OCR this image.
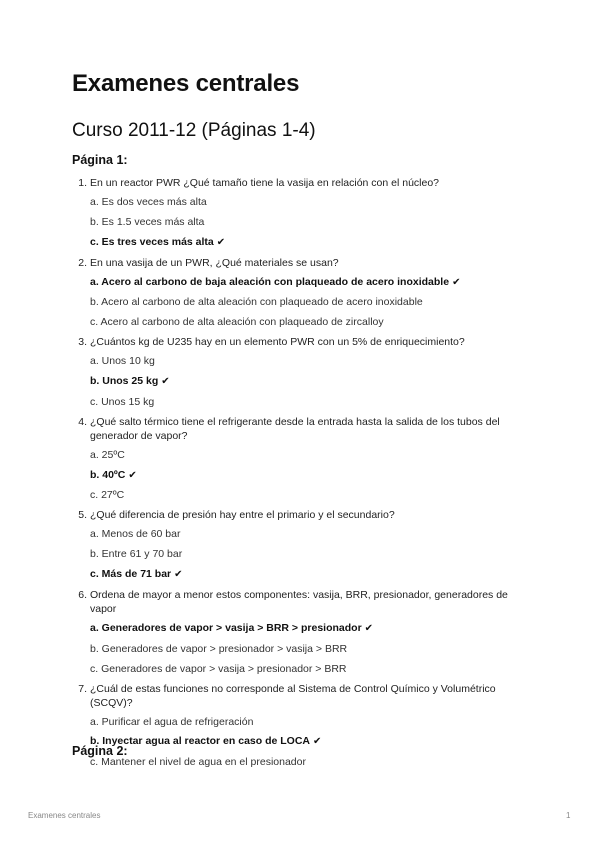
Examenes centrales
Curso 2011-12 (Páginas 1-4)
Página 1:
1. En un reactor PWR ¿Qué tamaño tiene la vasija en relación con el núcleo?
a. Es dos veces más alta
b. Es 1.5 veces más alta
c. Es tres veces más alta ✔
2. En una vasija de un PWR, ¿Qué materiales se usan?
a. Acero al carbono de baja aleación con plaqueado de acero inoxidable ✔
b. Acero al carbono de alta aleación con plaqueado de acero inoxidable
c. Acero al carbono de alta aleación con plaqueado de zircalloy
3. ¿Cuántos kg de U235 hay en un elemento PWR con un 5% de enriquecimiento?
a. Unos 10 kg
b. Unos 25 kg ✔
c. Unos 15 kg
4. ¿Qué salto térmico tiene el refrigerante desde la entrada hasta la salida de los tubos del generador de vapor?
a. 25ºC
b. 40ºC ✔
c. 27ºC
5. ¿Qué diferencia de presión hay entre el primario y el secundario?
a. Menos de 60 bar
b. Entre 61 y 70 bar
c. Más de 71 bar ✔
6. Ordena de mayor a menor estos componentes: vasija, BRR, presionador, generadores de vapor
a. Generadores de vapor > vasija > BRR > presionador ✔
b. Generadores de vapor > presionador > vasija > BRR
c. Generadores de vapor > vasija > presionador > BRR
7. ¿Cuál de estas funciones no corresponde al Sistema de Control Químico y Volumétrico (SCQV)?
a. Purificar el agua de refrigeración
b. Inyectar agua al reactor en caso de LOCA ✔
c. Mantener el nivel de agua en el presionador
Página 2:
Examenes centrales	1
